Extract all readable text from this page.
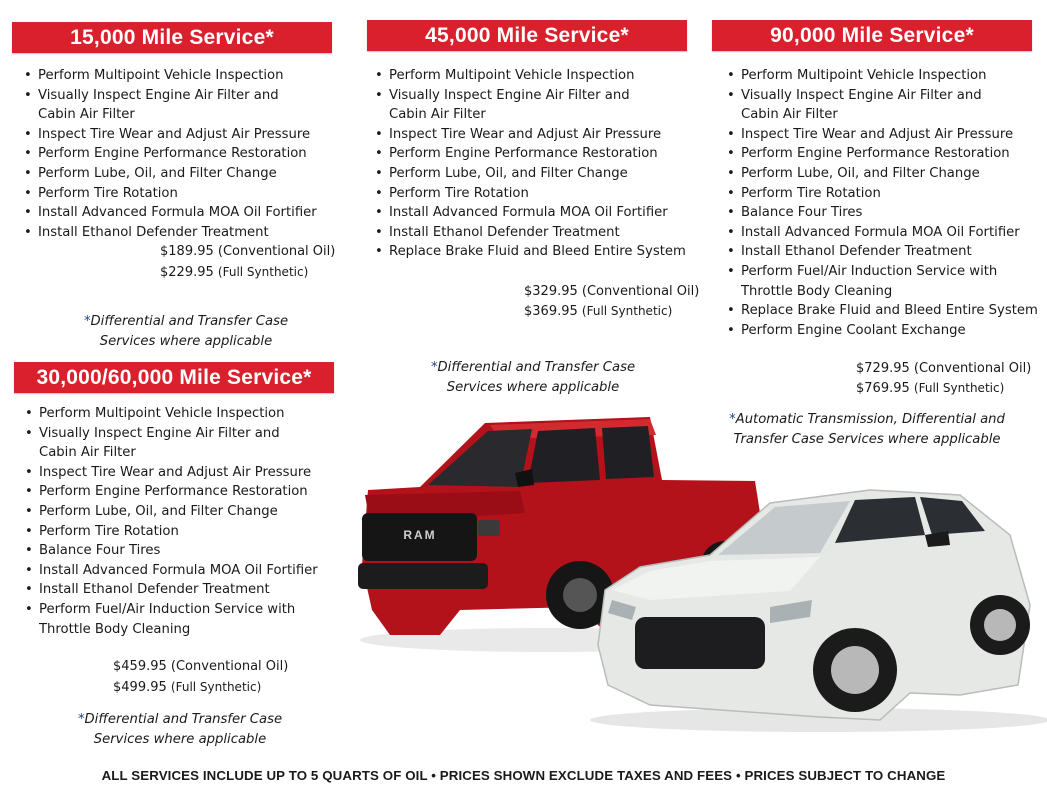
15,000 Mile Service*
• Perform Multipoint Vehicle Inspection
• Visually Inspect Engine Air Filter and
Cabin Air Filter
• Inspect Tire Wear and Adjust Air Pressure
• Perform Engine Performance Restoration
• Perform Lube, Oil, and Filter Change
• Perform Tire Rotation
• Install Advanced Formula MOA Oil Fortifier
• Install Ethanol Defender Treatment
$189.95 (Conventional Oil)
$229.95 (Full Synthetic)
*Differential and Transfer Case
Services where applicable
45,000 Mile Service*
• Perform Multipoint Vehicle Inspection
• Visually Inspect Engine Air Filter and
Cabin Air Filter
• Inspect Tire Wear and Adjust Air Pressure
• Perform Engine Performance Restoration
• Perform Lube, Oil, and Filter Change
• Perform Tire Rotation
• Install Advanced Formula MOA Oil Fortifier
• Install Ethanol Defender Treatment
• Replace Brake Fluid and Bleed Entire System
$329.95 (Conventional Oil)
$369.95 (Full Synthetic)
*Differential and Transfer Case
Services where applicable
90,000 Mile Service*
• Perform Multipoint Vehicle Inspection
• Visually Inspect Engine Air Filter and
Cabin Air Filter
• Inspect Tire Wear and Adjust Air Pressure
• Perform Engine Performance Restoration
• Perform Lube, Oil, and Filter Change
• Perform Tire Rotation
• Balance Four Tires
• Install Advanced Formula MOA Oil Fortifier
• Install Ethanol Defender Treatment
• Perform Fuel/Air Induction Service with
Throttle Body Cleaning
• Replace Brake Fluid and Bleed Entire System
• Perform Engine Coolant Exchange
$729.95 (Conventional Oil)
$769.95 (Full Synthetic)
*Automatic Transmission, Differential and
Transfer Case Services where applicable
30,000/60,000 Mile Service*
• Perform Multipoint Vehicle Inspection
• Visually Inspect Engine Air Filter and
Cabin Air Filter
• Inspect Tire Wear and Adjust Air Pressure
• Perform Engine Performance Restoration
• Perform Lube, Oil, and Filter Change
• Perform Tire Rotation
• Balance Four Tires
• Install Advanced Formula MOA Oil Fortifier
• Install Ethanol Defender Treatment
• Perform Fuel/Air Induction Service with
Throttle Body Cleaning
$459.95 (Conventional Oil)
$499.95 (Full Synthetic)
*Differential and Transfer Case
Services where applicable
RAM
ALL SERVICES INCLUDE UP TO 5 QUARTS OF OIL • PRICES SHOWN EXCLUDE TAXES AND FEES • PRICES SUBJECT TO CHANGE
